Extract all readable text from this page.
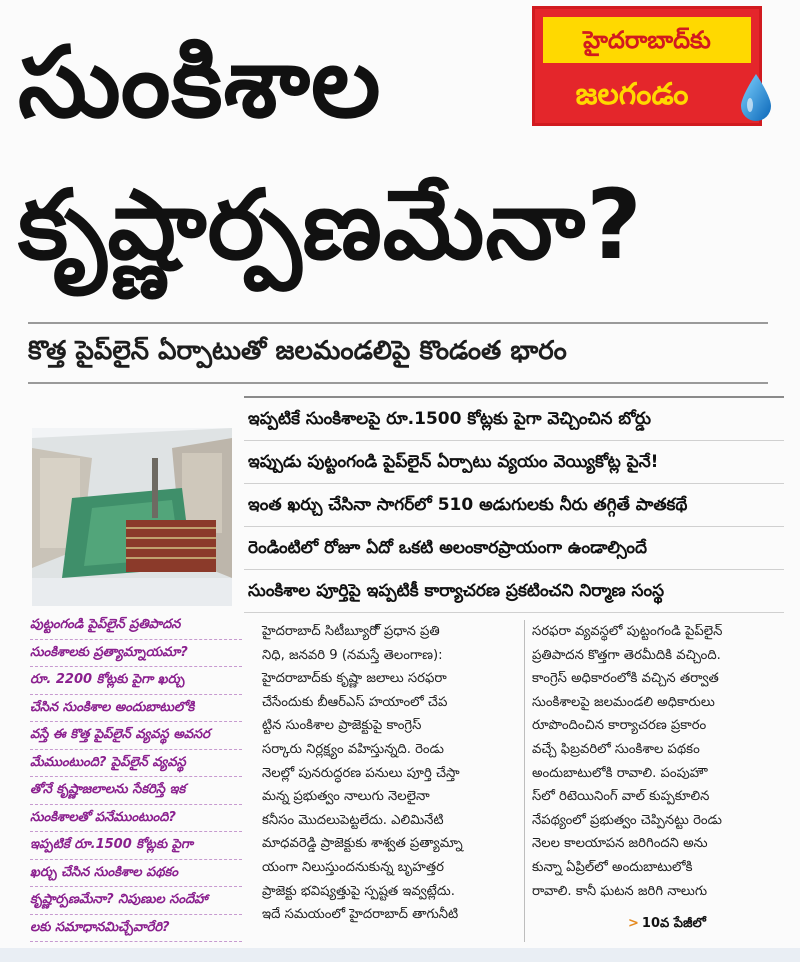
సుంకిశాల
కృష్ణార్పణమేనా?
హైదరాబాద్‌కు
జలగండం
కొత్త పైప్‌లైన్‌ ఏర్పాటుతో జలమండలిపై కొండంత భారం
ఇప్పటికే సుంకిశాలపై రూ.1500 కోట్లకు పైగా వెచ్చించిన బోర్డు
ఇప్పుడు పుట్టంగండి పైప్‌లైన్‌ ఏర్పాటు వ్యయం వెయ్యికోట్ల పైనే!
ఇంత ఖర్చు చేసినా సాగర్‌లో 510 అడుగులకు నీరు తగ్గితే పాతకథే
రెండింటిలో రోజూ ఏదో ఒకటి అలంకారప్రాయంగా ఉండాల్సిందే
సుంకిశాల పూర్తిపై ఇప్పటికీ కార్యాచరణ ప్రకటించని నిర్మాణ సంస్థ
పుట్టంగండి పైప్‌లైన్‌ ప్రతిపాదన
సుంకిశాలకు ప్రత్యామ్నాయమా?
రూ. 2200 కోట్లకు పైగా ఖర్చు
చేసిన సుంకిశాల అందుబాటులోకి
వస్తే ఈ కొత్త పైప్‌లైన్‌ వ్యవస్థ అవసర
మేముంటుంది? పైప్‌లైన్‌ వ్యవస్థ
తోనే కృష్ణాజలాలను సేకరిస్తే ఇక
సుంకిశాలతో పనేముంటుంది?
ఇప్పటికే రూ.1500 కోట్లకు పైగా
ఖర్చు చేసిన సుంకిశాల పథకం
కృష్ణార్పణమేనా? నిపుణుల సందేహా
లకు సమాధానమిచ్చేవారేరి?
హైదరాబాద్‌ సిటీబ్యూరో్‌ ప్రధాన ప్రతి
నిధి, జనవరి 9 (నమస్తే తెలంగాణ):
హైదరాబాద్‌కు కృష్ణా జలాలు సరఫరా
చేసేందుకు బీఆర్‌ఎస్‌ హయాంలో చేప
ట్టిన సుంకిశాల ప్రాజెక్టుపై కాంగ్రెస్‌
సర్కారు నిర్లక్ష్యం వహిస్తున్నది. రెండు
నెలల్లో పునరుద్ధరణ పనులు పూర్తి చేస్తా
మన్న ప్రభుత్వం నాలుగు నెలలైనా
కనీసం మొదలుపెట్టలేదు. ఎలిమినేటి
మాధవరెడ్డి ప్రాజెక్టుకు శాశ్వత ప్రత్యామ్నా
యంగా నిలుస్తుందనుకున్న బృహత్తర
ప్రాజెక్టు భవిష్యత్తుపై స్పష్టత ఇవ్వట్లేదు.
ఇదే సమయంలో హైదరాబాద్‌ తాగునీటి
సరఫరా వ్యవస్థలో పుట్టంగండి పైప్‌లైన్‌
ప్రతిపాదన కొత్తగా తెరమీదికి వచ్చింది.
కాంగ్రెస్‌ అధికారంలోకి వచ్చిన తర్వాత
సుంకిశాలపై జలమండలి అధికారులు
రూపొందించిన కార్యాచరణ ప్రకారం
వచ్చే ఫిబ్రవరిలో సుంకిశాల పథకం
అందుబాటులోకి రావాలి. పంపుహౌ
స్‌లో రిటెయినింగ్‌ వాల్‌ కుప్పకూలిన
నేపథ్యంలో ప్రభుత్వం చెప్పినట్టు రెండు
నెలల కాలయాపన జరిగిందని అను
కున్నా ఏప్రిల్‌లో అందుబాటులోకి
రావాలి. కానీ ఘటన జరిగి నాలుగు
> 10వ పేజీలో
